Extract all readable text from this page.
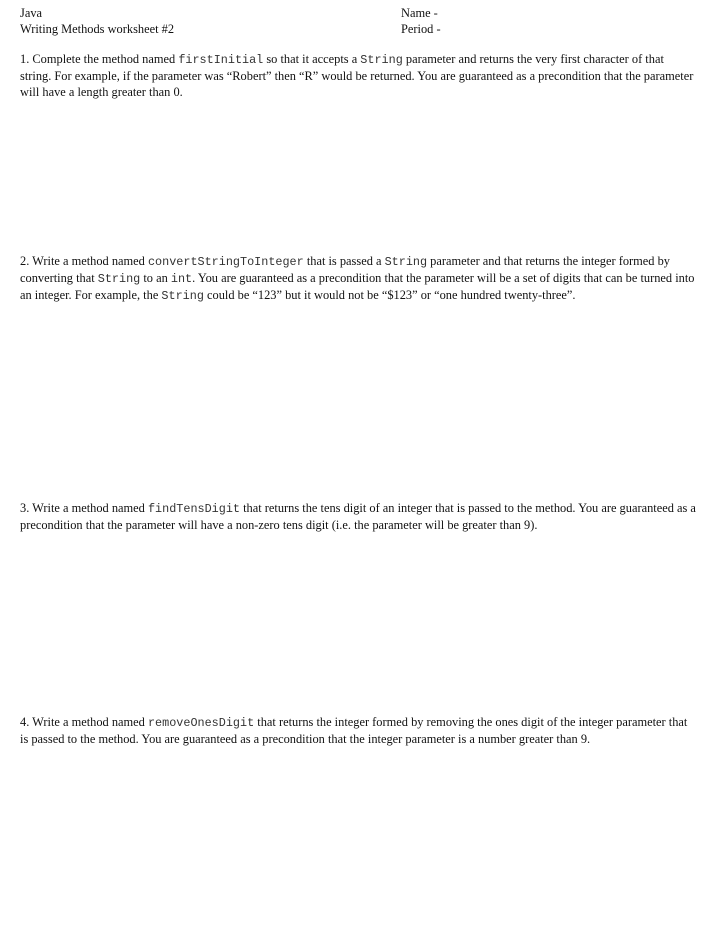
Java
Writing Methods worksheet #2
Name -
Period -
1. Complete the method named firstInitial so that it accepts a String parameter and returns the very first character of that string. For example, if the parameter was “Robert” then “R” would be returned. You are guaranteed as a precondition that the parameter will have a length greater than 0.
2. Write a method named convertStringToInteger that is passed a String parameter and that returns the integer formed by converting that String to an int. You are guaranteed as a precondition that the parameter will be a set of digits that can be turned into an integer. For example, the String could be “123” but it would not be “$123” or “one hundred twenty-three”.
3. Write a method named findTensDigit that returns the tens digit of an integer that is passed to the method. You are guaranteed as a precondition that the parameter will have a non-zero tens digit (i.e. the parameter will be greater than 9).
4. Write a method named removeOnesDigit that returns the integer formed by removing the ones digit of the integer parameter that is passed to the method. You are guaranteed as a precondition that the integer parameter is a number greater than 9.
